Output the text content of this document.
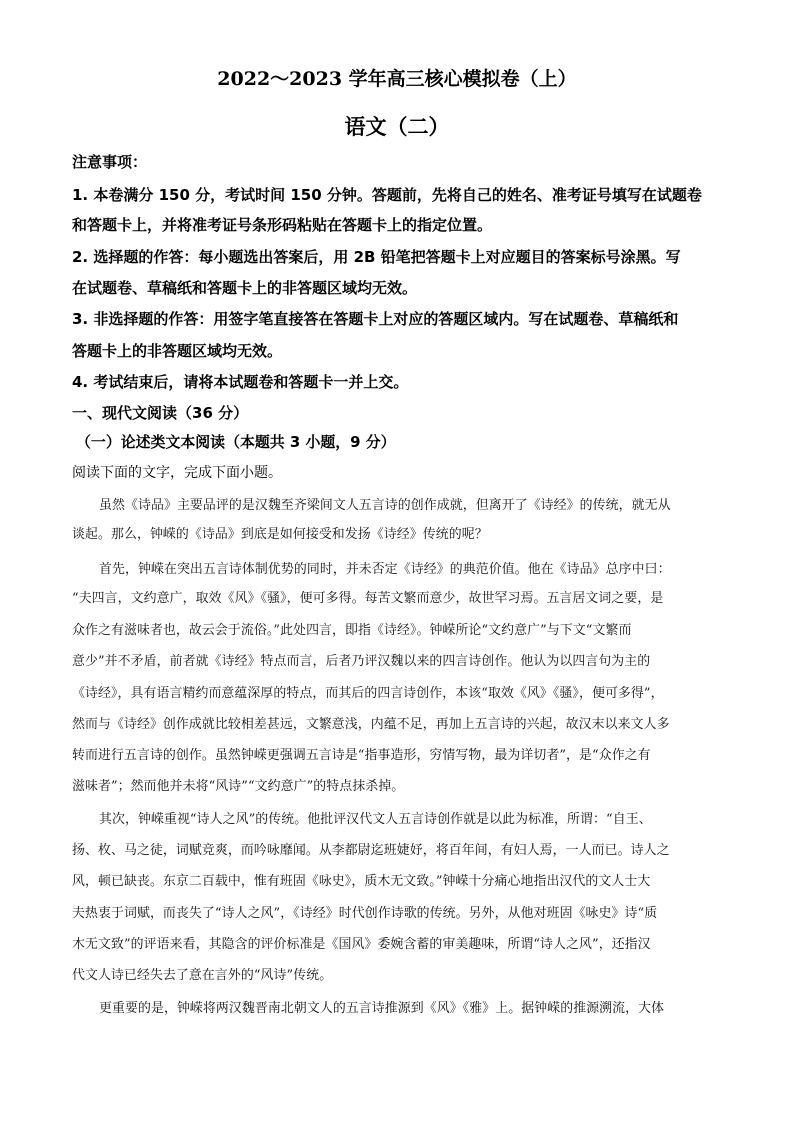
2022～2023 学年高三核心模拟卷（上）
语文（二）
注意事项：
1. 本卷满分 150 分，考试时间 150 分钟。答题前，先将自己的姓名、准考证号填写在试题卷
和答题卡上，并将准考证号条形码粘贴在答题卡上的指定位置。
2. 选择题的作答：每小题选出答案后，用 2B 铅笔把答题卡上对应题目的答案标号涂黑。写
在试题卷、草稿纸和答题卡上的非答题区域均无效。
3. 非选择题的作答：用签字笔直接答在答题卡上对应的答题区域内。写在试题卷、草稿纸和
答题卡上的非答题区域均无效。
4. 考试结束后，请将本试题卷和答题卡一并上交。
一、现代文阅读（36 分）
（一）论述类文本阅读（本题共 3 小题，9 分）
阅读下面的文字，完成下面小题。
虽然《诗品》主要品评的是汉魏至齐梁间文人五言诗的创作成就，但离开了《诗经》的传统，就无从
谈起。那么，钟嵘的《诗品》到底是如何接受和发扬《诗经》传统的呢？
首先，钟嵘在突出五言诗体制优势的同时，并未否定《诗经》的典范价值。他在《诗品》总序中曰：
“夫四言，文约意广，取效《风》《骚》，便可多得。每苦文繁而意少，故世罕习焉。五言居文词之要，是
众作之有滋味者也，故云会于流俗。”此处四言，即指《诗经》。钟嵘所论“文约意广”与下文“文繁而
意少”并不矛盾，前者就《诗经》特点而言，后者乃评汉魏以来的四言诗创作。他认为以四言句为主的
《诗经》，具有语言精约而意蕴深厚的特点，而其后的四言诗创作，本该“取效《风》《骚》，便可多得”，
然而与《诗经》创作成就比较相差甚远，文繁意浅，内蕴不足，再加上五言诗的兴起，故汉末以来文人多
转而进行五言诗的创作。虽然钟嵘更强调五言诗是“指事造形，穷情写物，最为详切者”，是“众作之有
滋味者”；然而他并未将“风诗”“文约意广”的特点抹杀掉。
其次，钟嵘重视“诗人之风”的传统。他批评汉代文人五言诗创作就是以此为标准，所谓：“自王、
扬、枚、马之徒，词赋竞爽，而吟咏靡闻。从李都尉迄班婕妤，将百年间，有妇人焉，一人而已。诗人之
风，顿已缺丧。东京二百载中，惟有班固《咏史》，质木无文致。”钟嵘十分痛心地指出汉代的文人士大
夫热衷于词赋，而丧失了“诗人之风”，《诗经》时代创作诗歌的传统。另外，从他对班固《咏史》诗“质
木无文致”的评语来看，其隐含的评价标准是《国风》委婉含蓄的审美趣味，所谓“诗人之风”，还指汉
代文人诗已经失去了意在言外的“风诗”传统。
更重要的是，钟嵘将两汉魏晋南北朝文人的五言诗推源到《风》《雅》上。据钟嵘的推源溯流，大体
